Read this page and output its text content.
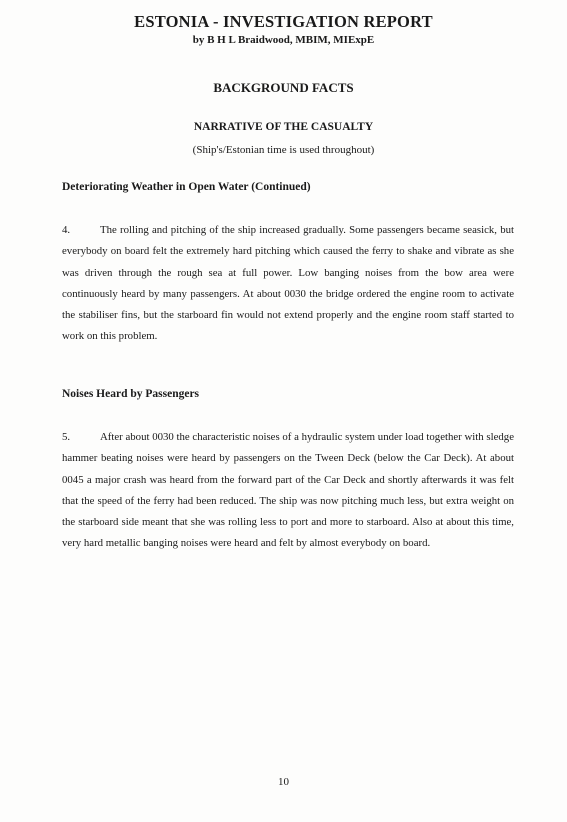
ESTONIA - INVESTIGATION REPORT
by B H L Braidwood, MBIM, MIExpE
BACKGROUND FACTS
NARRATIVE OF THE CASUALTY
(Ship's/Estonian time is used throughout)
Deteriorating Weather in Open Water (Continued)
4.	The rolling and pitching of the ship increased gradually. Some passengers became seasick, but everybody on board felt the extremely hard pitching which caused the ferry to shake and vibrate as she was driven through the rough sea at full power. Low banging noises from the bow area were continuously heard by many passengers. At about 0030 the bridge ordered the engine room to activate the stabiliser fins, but the starboard fin would not extend properly and the engine room staff started to work on this problem.
Noises Heard by Passengers
5.	After about 0030 the characteristic noises of a hydraulic system under load together with sledge hammer beating noises were heard by passengers on the Tween Deck (below the Car Deck). At about 0045 a major crash was heard from the forward part of the Car Deck and shortly afterwards it was felt that the speed of the ferry had been reduced. The ship was now pitching much less, but extra weight on the starboard side meant that she was rolling less to port and more to starboard. Also at about this time, very hard metallic banging noises were heard and felt by almost everybody on board.
10
